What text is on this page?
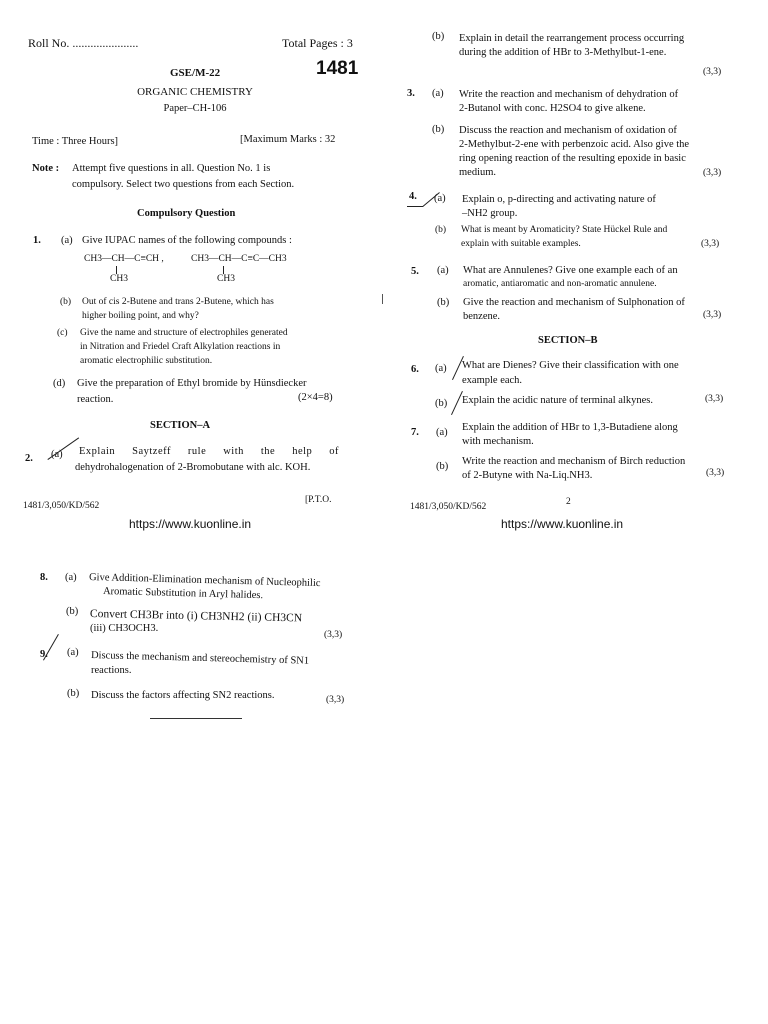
Roll No. ......................	Total Pages : 3
GSE/M-22	1481
ORGANIC CHEMISTRY
Paper–CH-106
Time : Three Hours]	[Maximum Marks : 32
Note : Attempt five questions in all. Question No. 1 is
compulsory. Select two questions from each Section.
Compulsory Question
1. (a) Give IUPAC names of the following compounds :
CH3—CH—C≡CH ,
CH3
CH3—CH—C≡C—CH3
CH3
(b) Out of cis 2-Butene and trans 2-Butene, which has
higher boiling point, and why?
(c) Give the name and structure of electrophiles generated
in Nitration and Friedel Craft Alkylation reactions in
aromatic electrophilic substitution.
(d) Give the preparation of Ethyl bromide by Hünsdiecker
reaction.	(2×4=8)
SECTION–A
2. (a) Explain Saytzeff rule with the help of
dehydrohalogenation of 2-Bromobutane with alc. KOH.
1481/3,050/KD/562
[P.T.O.
https://www.kuonline.in
(b) Explain in detail the rearrangement process occurring
during the addition of HBr to 3-Methylbut-1-ene.
(3,3)
3. (a) Write the reaction and mechanism of dehydration of
2-Butanol with conc. H2SO4 to give alkene.
(b) Discuss the reaction and mechanism of oxidation of
2-Methylbut-2-ene with perbenzoic acid. Also give the
ring opening reaction of the resulting epoxide in basic
medium.	(3,3)
4. (a) Explain o, p-directing and activating nature of
–NH2 group.
(b) What is meant by Aromaticity? State Hückel Rule and
explain with suitable examples.	(3,3)
5. (a) What are Annulenes? Give one example each of an
aromatic, antiaromatic and non-aromatic annulene.
(b) Give the reaction and mechanism of Sulphonation of
benzene.	(3,3)
SECTION–B
6. (a) What are Dienes? Give their classification with one
example each.
(b) Explain the acidic nature of terminal alkynes.	(3,3)
7. (a) Explain the addition of HBr to 1,3-Butadiene along
with mechanism.
(b) Write the reaction and mechanism of Birch reduction
of 2-Butyne with Na-Liq.NH3.	(3,3)
1481/3,050/KD/562	2
https://www.kuonline.in
8. (a) Give Addition-Elimination mechanism of Nucleophilic
Aromatic Substitution in Aryl halides.
(b) Convert CH3Br into (i) CH3NH2 (ii) CH3CN
(iii) CH3OCH3.
(3,3)
9. (a) Discuss the mechanism and stereochemistry of SN1
reactions.
(b) Discuss the factors affecting SN2 reactions.	(3,3)
